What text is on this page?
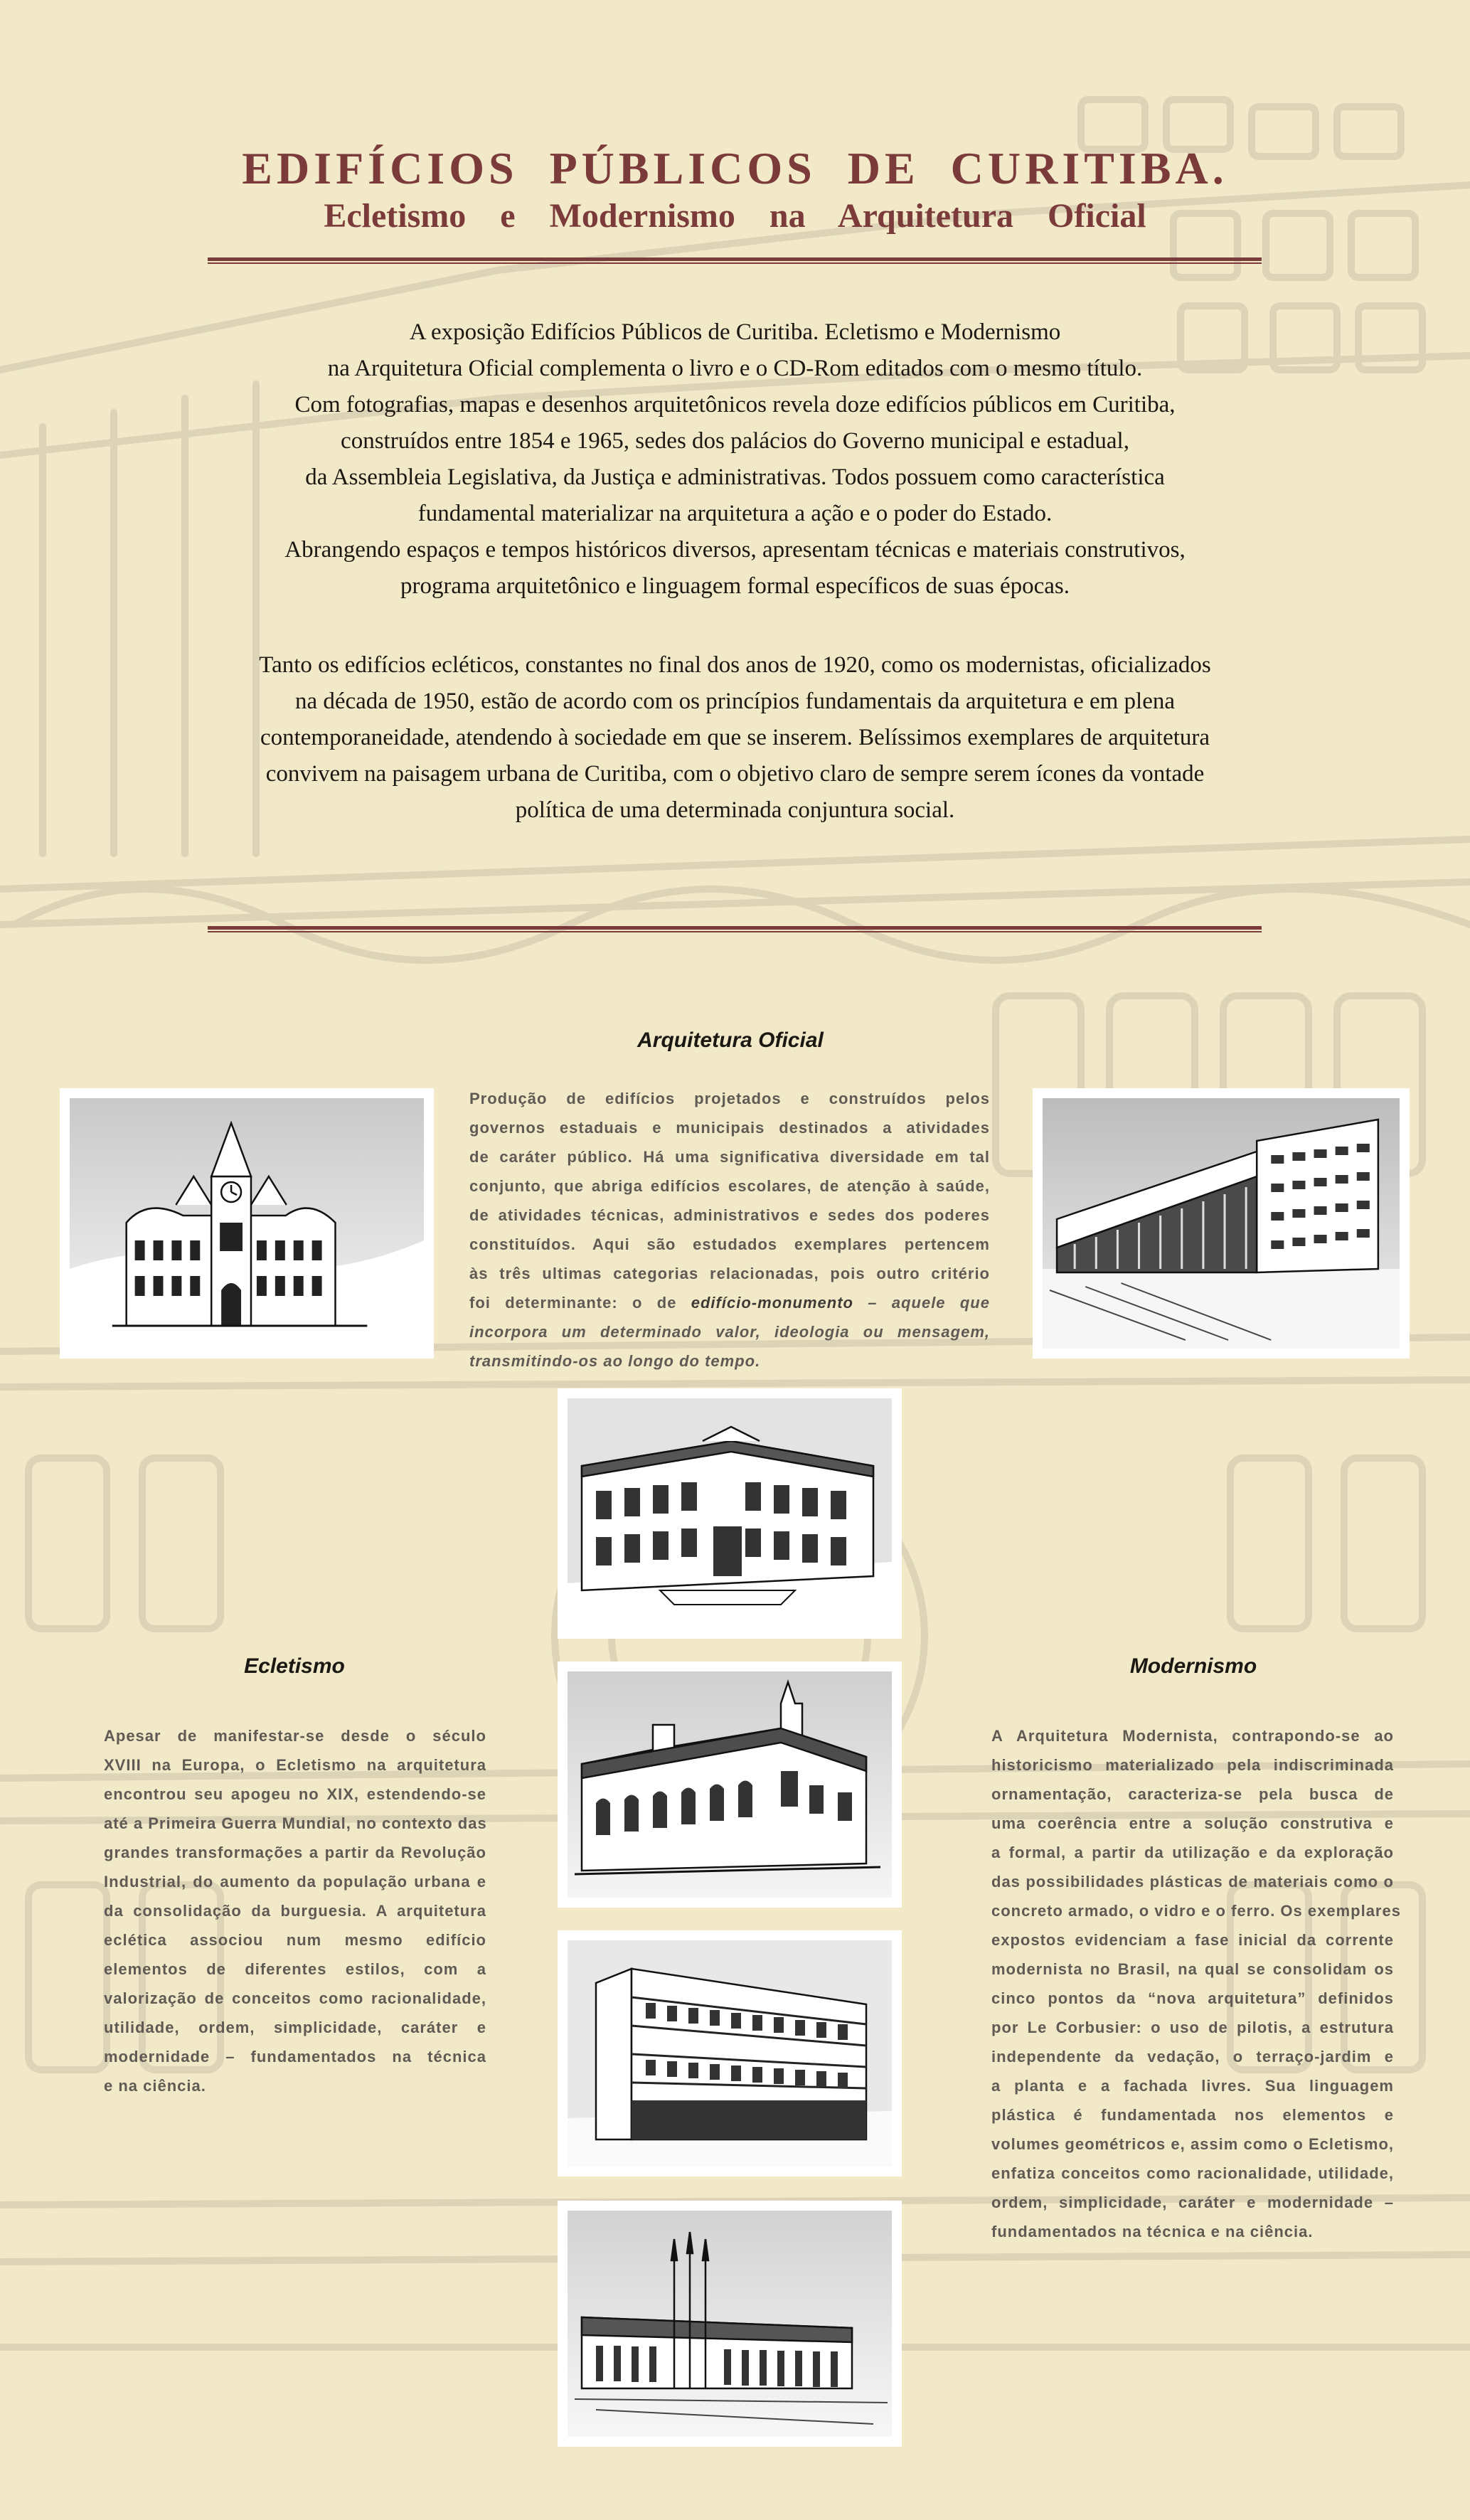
EDIFÍCIOS PÚBLICOS DE CURITIBA.
Ecletismo e Modernismo na Arquitetura Oficial
A exposição Edifícios Públicos de Curitiba. Ecletismo e Modernismo
na Arquitetura Oficial complementa o livro e o CD-Rom editados com o mesmo título.
Com fotografias, mapas e desenhos arquitetônicos revela doze edifícios públicos em Curitiba,
construídos entre 1854 e 1965, sedes dos palácios do Governo municipal e estadual,
da Assembleia Legislativa, da Justiça e administrativas. Todos possuem como característica
fundamental materializar na arquitetura a ação e o poder do Estado.
Abrangendo espaços e tempos históricos diversos, apresentam técnicas e materiais construtivos,
programa arquitetônico e linguagem formal específicos de suas épocas.
Tanto os edifícios ecléticos, constantes no final dos anos de 1920, como os modernistas, oficializados
na década de 1950, estão de acordo com os princípios fundamentais da arquitetura e em plena
contemporaneidade, atendendo à sociedade em que se inserem. Belíssimos exemplares de arquitetura
convivem na paisagem urbana de Curitiba, com o objetivo claro de sempre serem ícones da vontade
política de uma determinada conjuntura social.
Arquitetura Oficial
Produção de edifícios projetados e construídos pelos
governos estaduais e municipais destinados a atividades
de caráter público. Há uma significativa diversidade em tal
conjunto, que abriga edifícios escolares, de atenção à saúde,
de atividades técnicas, administrativos e sedes dos poderes
constituídos. Aqui são estudados exemplares pertencem
às três ultimas categorias relacionadas, pois outro critério
foi determinante: o de edifício-monumento – aquele que
incorpora um determinado valor, ideologia ou mensagem,
transmitindo-os ao longo do tempo.
Ecletismo
Apesar de manifestar-se desde o século
XVIII na Europa, o Ecletismo na arquitetura
encontrou seu apogeu no XIX, estendendo-se
até a Primeira Guerra Mundial, no contexto das
grandes transformações a partir da Revolução
Industrial, do aumento da população urbana e
da consolidação da burguesia. A arquitetura
eclética associou num mesmo edifício
elementos de diferentes estilos, com a
valorização de conceitos como racionalidade,
utilidade, ordem, simplicidade, caráter e
modernidade – fundamentados na técnica
e na ciência.
Modernismo
A Arquitetura Modernista, contrapondo-se ao
historicismo materializado pela indiscriminada
ornamentação, caracteriza-se pela busca de
uma coerência entre a solução construtiva e
a formal, a partir da utilização e da exploração
das possibilidades plásticas de materiais como o
concreto armado, o vidro e o ferro. Os exemplares
expostos evidenciam a fase inicial da corrente
modernista no Brasil, na qual se consolidam os
cinco pontos da “nova arquitetura” definidos
por Le Corbusier: o uso de pilotis, a estrutura
independente da vedação, o terraço-jardim e
a planta e a fachada livres. Sua linguagem
plástica é fundamentada nos elementos e
volumes geométricos e, assim como o Ecletismo,
enfatiza conceitos como racionalidade, utilidade,
ordem, simplicidade, caráter e modernidade –
fundamentados na técnica e na ciência.
